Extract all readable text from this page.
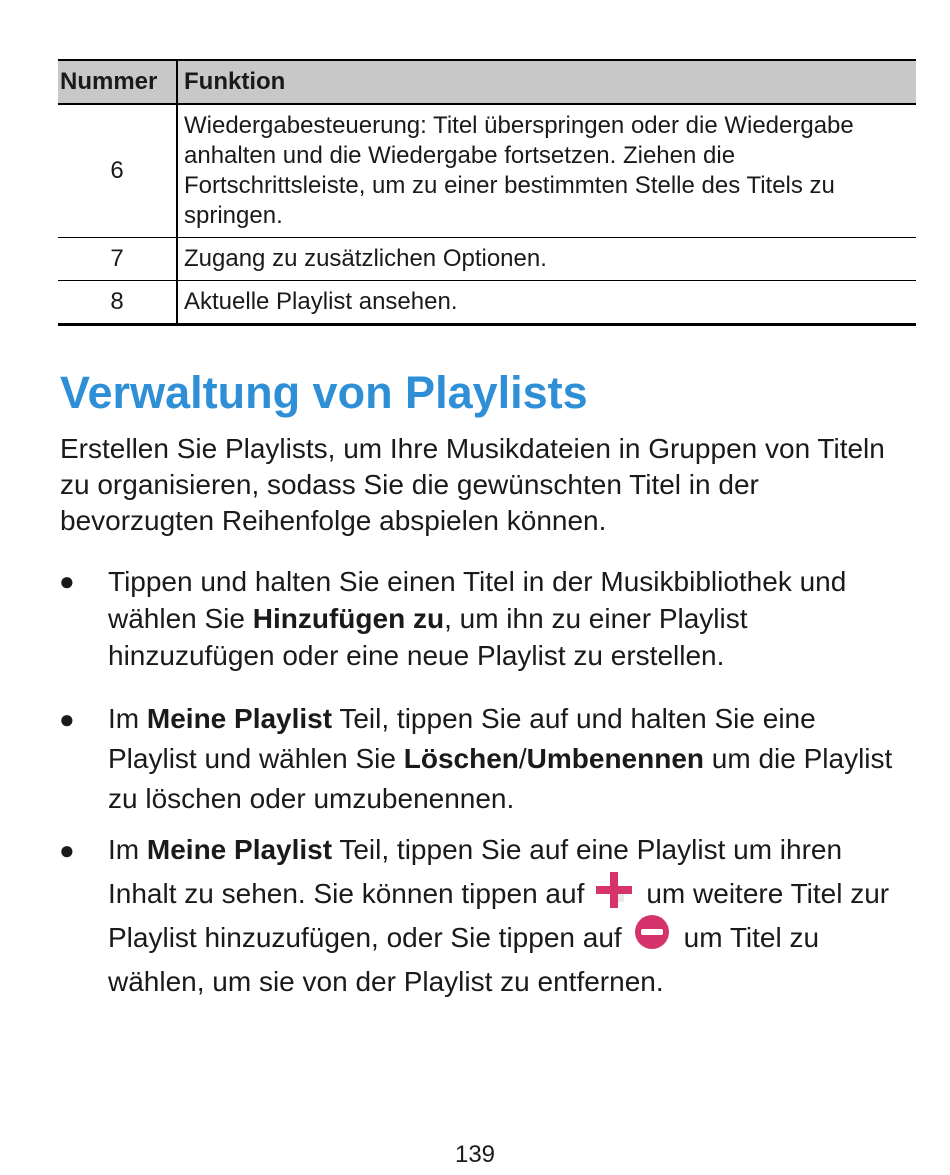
Nummer	Funktion
6	Wiedergabesteuerung: Titel überspringen oder die Wiedergabe anhalten und die Wiedergabe fortsetzen. Ziehen die Fortschrittsleiste, um zu einer bestimmten Stelle des Titels zu springen.
7	Zugang zu zusätzlichen Optionen.
8	Aktuelle Playlist ansehen.
Verwaltung von Playlists

Erstellen Sie Playlists, um Ihre Musikdateien in Gruppen von Titeln zu organisieren, sodass Sie die gewünschten Titel in der bevorzugten Reihenfolge abspielen können.

● Tippen und halten Sie einen Titel in der Musikbibliothek und wählen Sie Hinzufügen zu, um ihn zu einer Playlist hinzuzufügen oder eine neue Playlist zu erstellen.
● Im Meine Playlist Teil, tippen Sie auf und halten Sie eine Playlist und wählen Sie Löschen/Umbenennen um die Playlist zu löschen oder umzubenennen.
● Im Meine Playlist Teil, tippen Sie auf eine Playlist um ihren Inhalt zu sehen. Sie können tippen auf um weitere Titel zur Playlist hinzuzufügen, oder Sie tippen auf um Titel zu wählen, um sie von der Playlist zu entfernen.
139
